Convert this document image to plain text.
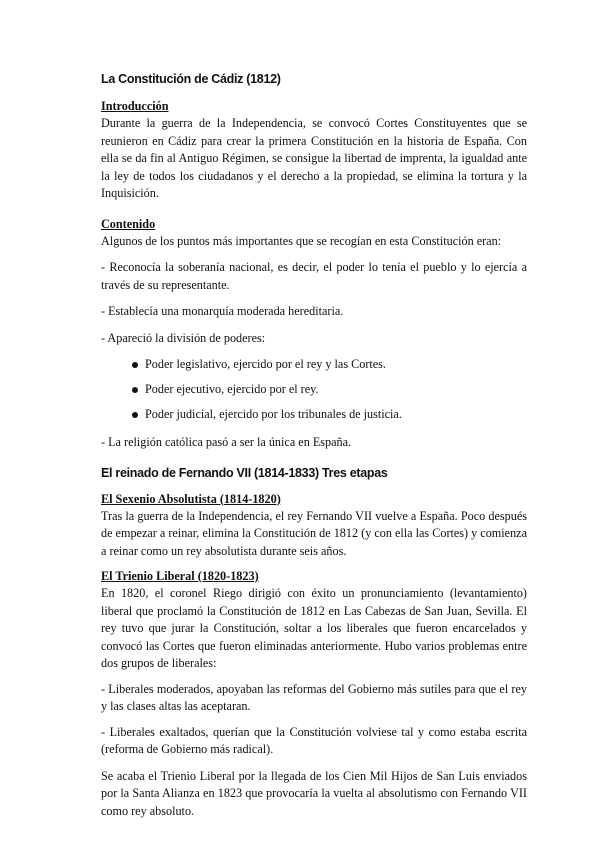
La Constitución de Cádiz (1812)
Introducción

Durante la guerra de la Independencia, se convocó Cortes Constituyentes que se reunieron en Cádiz para crear la primera Constitución en la historia de España. Con ella se da fin al Antiguo Régimen, se consigue la libertad de imprenta, la igualdad ante la ley de todos los ciudadanos y el derecho a la propiedad, se elimina la tortura y la Inquisición.

Contenido

Algunos de los puntos más importantes que se recogían en esta Constitución eran:

- Reconocía la soberanía nacional, es decir, el poder lo tenía el pueblo y lo ejercía a través de su representante.

- Establecía una monarquía moderada hereditaria.

- Apareció la división de poderes:

Poder legislativo, ejercido por el rey y las Cortes.
Poder ejecutivo, ejercido por el rey.
Poder judicial, ejercido por los tribunales de justicia.

- La religión católica pasó a ser la única en España.

El reinado de Fernando VII (1814-1833) Tres etapas
El Sexenio Absolutista (1814-1820)

Tras la guerra de la Independencia, el rey Fernando VII vuelve a España. Poco después de empezar a reinar, elimina la Constitución de 1812 (y con ella las Cortes) y comienza a reinar como un rey absolutista durante seis años.

El Trienio Liberal (1820-1823)

En 1820, el coronel Riego dirigió con éxito un pronunciamiento (levantamiento) liberal que proclamó la Constitución de 1812 en Las Cabezas de San Juan, Sevilla. El rey tuvo que jurar la Constitución, soltar a los liberales que fueron encarcelados y convocó las Cortes que fueron eliminadas anteriormente. Hubo varios problemas entre dos grupos de liberales:

- Liberales moderados, apoyaban las reformas del Gobierno más sutiles para que el rey y las clases altas las aceptaran.

- Liberales exaltados, querían que la Constitución volviese tal y como estaba escrita (reforma de Gobierno más radical).

Se acaba el Trienio Liberal por la llegada de los Cien Mil Hijos de San Luis enviados por la Santa Alianza en 1823 que provocaría la vuelta al absolutismo con Fernando VII como rey absoluto.
